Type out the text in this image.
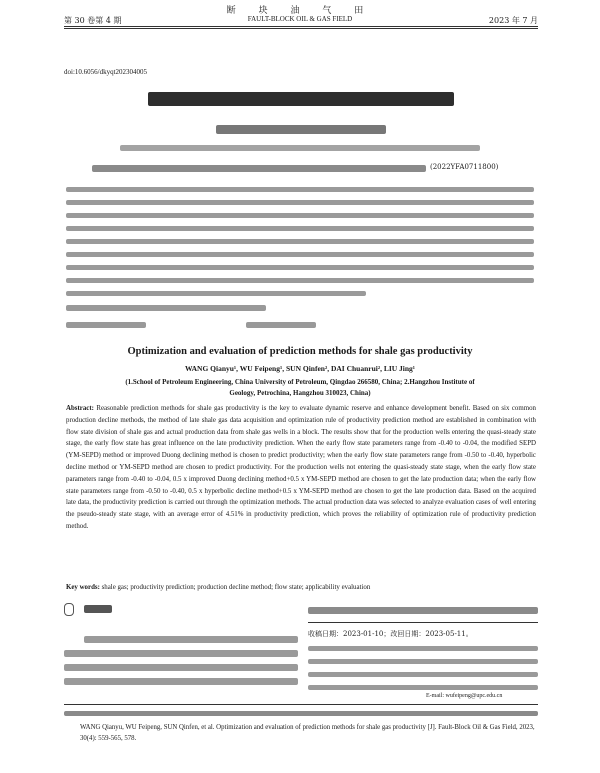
断 块 油 气 田
第 30 卷第 4 期	FAULT-BLOCK OIL & GAS FIELD	2023 年 7 月
doi:10.6056/dkyqt202304005
(2022YFA0711800)
Optimization and evaluation of prediction methods for shale gas productivity
WANG Qianyu¹, WU Feipeng¹, SUN Qinfen², DAI Chuanrui², LIU Jing¹
(1.School of Petroleum Engineering, China University of Petroleum, Qingdao 266580, China; 2.Hangzhou Institute of Geology, Petrochina, Hangzhou 310023, China)
Abstract: Reasonable prediction methods for shale gas productivity is the key to evaluate dynamic reserve and enhance development benefit. Based on six common production decline methods, the method of late shale gas data acquisition and optimization rule of productivity prediction method are established in combination with flow state division of shale gas and actual production data from shale gas wells in a block. The results show that for the production wells entering the quasi-steady state stage, the early flow state has great influence on the late productivity prediction. When the early flow state parameters range from -0.40 to -0.04, the modified SEPD (YM-SEPD) method or improved Duong declining method is chosen to predict productivity; when the early flow state parameters range from -0.50 to -0.40, hyperbolic decline method or YM-SEPD method are chosen to predict productivity. For the production wells not entering the quasi-steady state stage, when the early flow state parameters range from -0.40 to -0.04, 0.5 x improved Duong declining method+0.5 x YM-SEPD method are chosen to get the late production data; when the early flow state parameters range from -0.50 to -0.40, 0.5 x hyperbolic decline method+0.5 x YM-SEPD method are chosen to get the late production data. Based on the acquired late data, the productivity prediction is carried out through the optimization methods. The actual production data was selected to analyze evaluation cases of well entering the pseudo-steady state stage, with an average error of 4.51% in productivity prediction, which proves the reliability of optimization rule of productivity prediction method.
Key words: shale gas; productivity prediction; production decline method; flow state; applicability evaluation
收稿日期：2023-01-10；改回日期：2023-05-11。
E-mail: wufeipeng@upc.edu.cn
WANG Qianyu, WU Feipeng, SUN Qinfen, et al. Optimization and evaluation of prediction methods for shale gas productivity [J]. Fault-Block Oil & Gas Field, 2023, 30(4): 559-565, 578.
